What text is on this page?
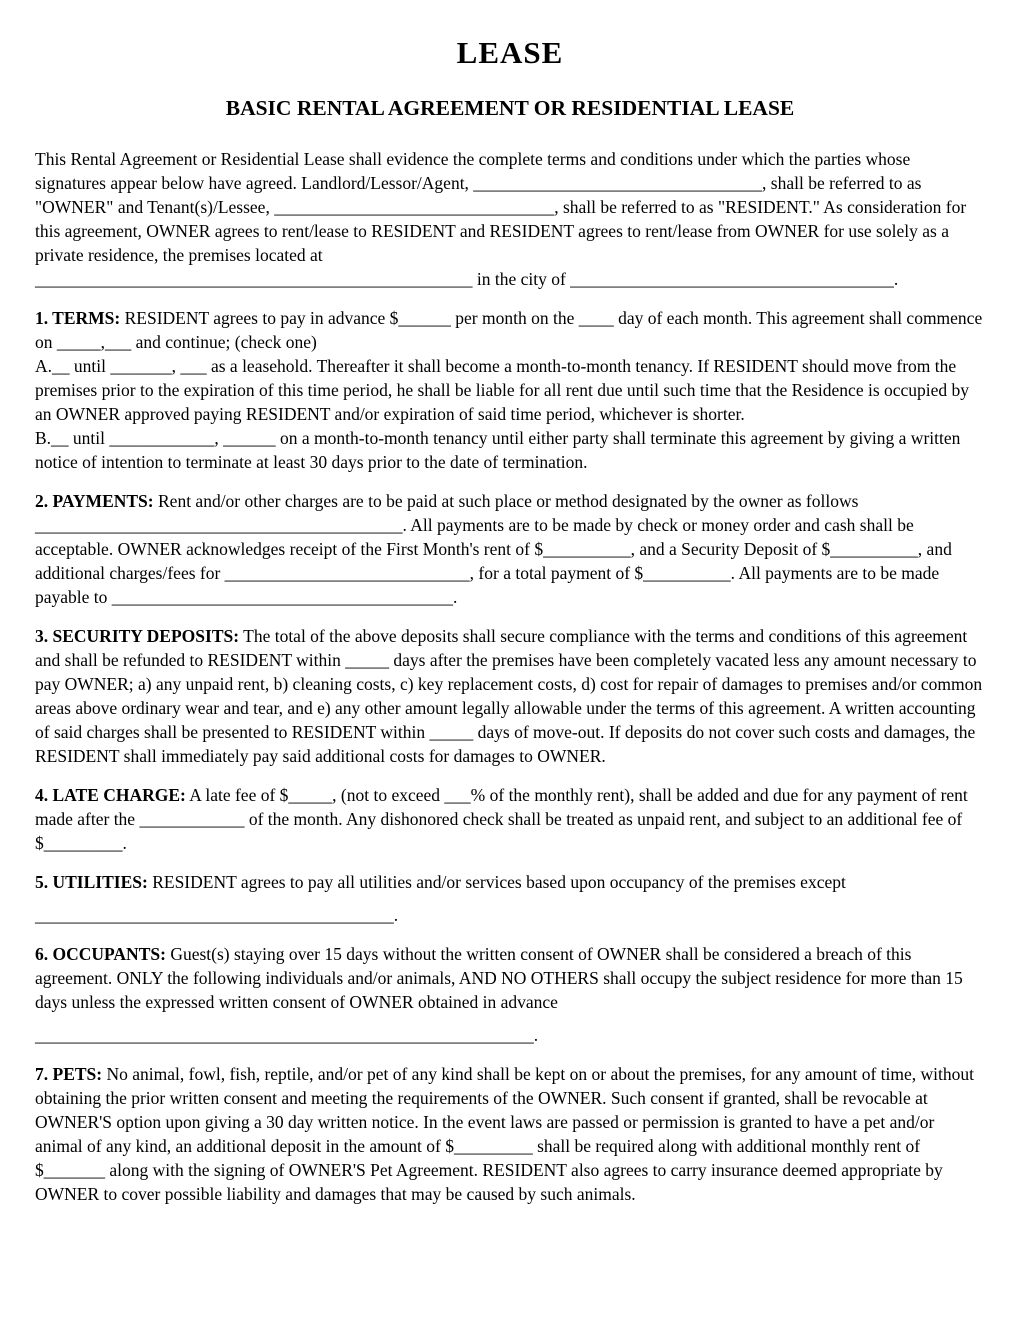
LEASE
BASIC RENTAL AGREEMENT OR RESIDENTIAL LEASE

This Rental Agreement or Residential Lease shall evidence the complete terms and conditions under which the parties whose signatures appear below have agreed. Landlord/Lessor/Agent, _________________________________, shall be referred to as "OWNER" and Tenant(s)/Lessee, ________________________________, shall be referred to as "RESIDENT." As consideration for this agreement, OWNER agrees to rent/lease to RESIDENT and RESIDENT agrees to rent/lease from OWNER for use solely as a private residence, the premises located at

__________________________________________________ in the city of _____________________________________.

1. TERMS: RESIDENT agrees to pay in advance $______ per month on the ____ day of each month. This agreement shall commence on _____,___ and continue; (check one)

A.__ until _______, ___ as a leasehold. Thereafter it shall become a month-to-month tenancy. If RESIDENT should move from the premises prior to the expiration of this time period, he shall be liable for all rent due until such time that the Residence is occupied by an OWNER approved paying RESIDENT and/or expiration of said time period, whichever is shorter.

B.__ until ____________, ______ on a month-to-month tenancy until either party shall terminate this agreement by giving a written notice of intention to terminate at least 30 days prior to the date of termination.

2. PAYMENTS: Rent and/or other charges are to be paid at such place or method designated by the owner as follows __________________________________________. All payments are to be made by check or money order and cash shall be acceptable. OWNER acknowledges receipt of the First Month's rent of $__________, and a Security Deposit of $__________, and additional charges/fees for ____________________________, for a total payment of $__________. All payments are to be made payable to _______________________________________.

3. SECURITY DEPOSITS: The total of the above deposits shall secure compliance with the terms and conditions of this agreement and shall be refunded to RESIDENT within _____ days after the premises have been completely vacated less any amount necessary to pay OWNER; a) any unpaid rent, b) cleaning costs, c) key replacement costs, d) cost for repair of damages to premises and/or common areas above ordinary wear and tear, and e) any other amount legally allowable under the terms of this agreement. A written accounting of said charges shall be presented to RESIDENT within _____ days of move-out. If deposits do not cover such costs and damages, the RESIDENT shall immediately pay said additional costs for damages to OWNER.

4. LATE CHARGE: A late fee of $_____, (not to exceed ___% of the monthly rent), shall be added and due for any payment of rent made after the ____________ of the month. Any dishonored check shall be treated as unpaid rent, and subject to an additional fee of $_________.

5. UTILITIES: RESIDENT agrees to pay all utilities and/or services based upon occupancy of the premises except

_________________________________________.

6. OCCUPANTS: Guest(s) staying over 15 days without the written consent of OWNER shall be considered a breach of this agreement. ONLY the following individuals and/or animals, AND NO OTHERS shall occupy the subject residence for more than 15 days unless the expressed written consent of OWNER obtained in advance

_________________________________________________________.

7. PETS: No animal, fowl, fish, reptile, and/or pet of any kind shall be kept on or about the premises, for any amount of time, without obtaining the prior written consent and meeting the requirements of the OWNER. Such consent if granted, shall be revocable at OWNER'S option upon giving a 30 day written notice. In the event laws are passed or permission is granted to have a pet and/or animal of any kind, an additional deposit in the amount of $_________ shall be required along with additional monthly rent of $_______ along with the signing of OWNER'S Pet Agreement. RESIDENT also agrees to carry insurance deemed appropriate by OWNER to cover possible liability and damages that may be caused by such animals.
